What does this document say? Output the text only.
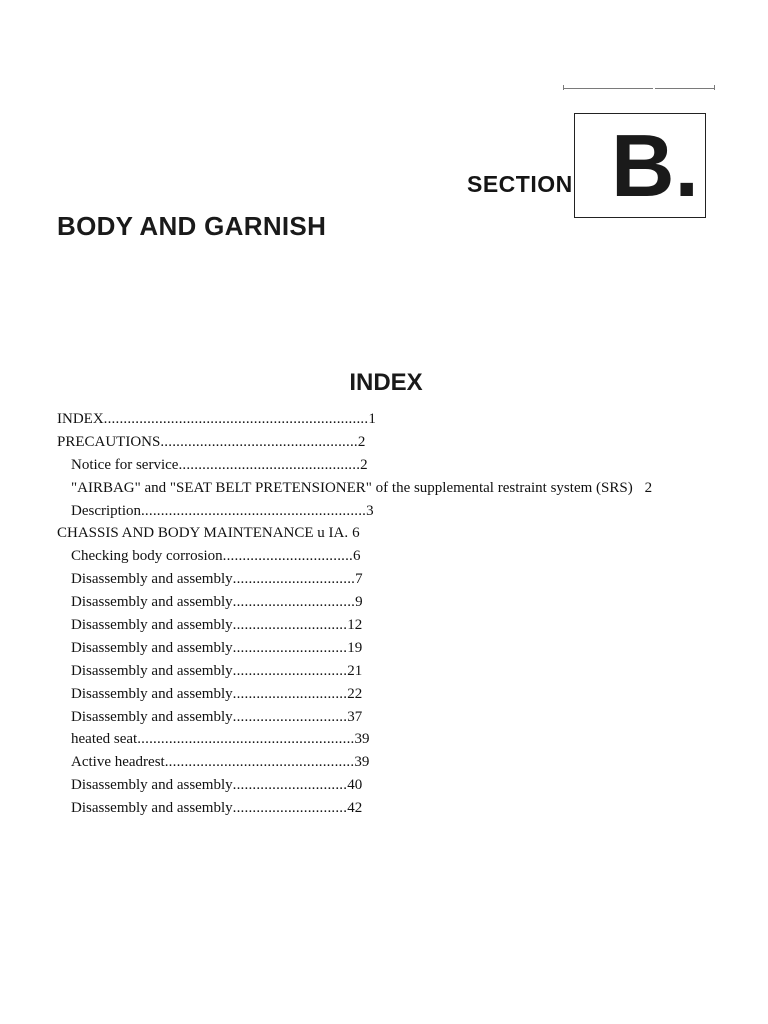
SECTION B.
BODY AND GARNISH
INDEX
INDEX...................................................................1
PRECAUTIONS..................................................2
Notice for service..............................................2
"AIRBAG" and "SEAT BELT PRETENSIONER" of the supplemental restraint system (SRS) 2
Description.........................................................3
CHASSIS AND BODY MAINTENANCE u IA. 6
Checking body corrosion.................................6
Disassembly and assembly...............................7
Disassembly and assembly...............................9
Disassembly and assembly.............................12
Disassembly and assembly.............................19
Disassembly and assembly.............................21
Disassembly and assembly.............................22
Disassembly and assembly.............................37
heated seat.......................................................39
Active headrest................................................39
Disassembly and assembly.............................40
Disassembly and assembly.............................42
